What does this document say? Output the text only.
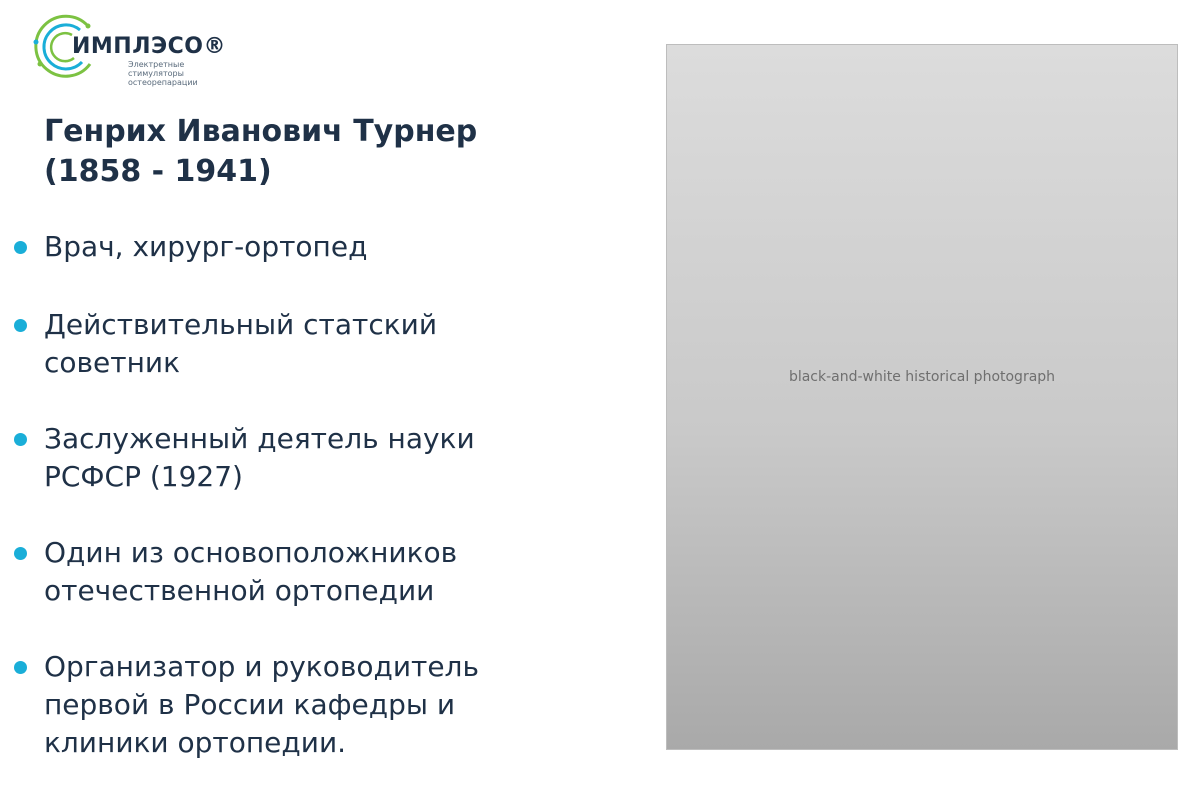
ИМПЛЭСО®
Электретные стимуляторы остеорепарации
Генрих Иванович Турнер
(1858 - 1941)
Врач, хирург-ортопед
Действительный статский
советник
Заслуженный деятель науки
РСФСР (1927)
Один из основоположников
отечественной ортопедии
Организатор и руководитель
первой в России кафедры и
клиники ортопедии.
black-and-white historical photograph
